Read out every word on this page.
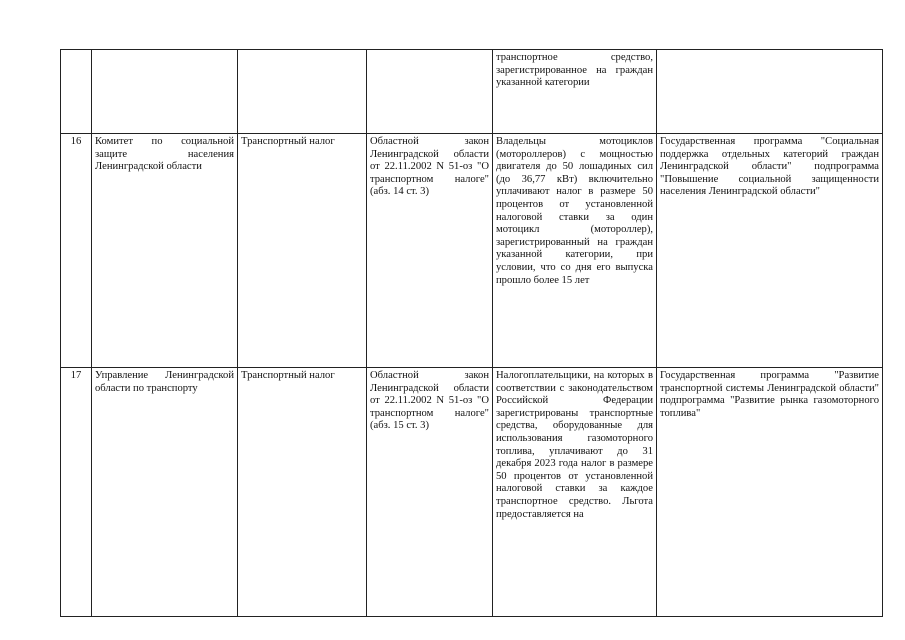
				транспортное средство, зарегистрированное на граждан указанной категории	

16	Комитет по социальной защите населения Ленинградской области	Транспортный налог	Областной закон Ленинградской области от 22.11.2002 N 51-оз "О транспортном налоге" (абз. 14 ст. 3)	Владельцы мотоциклов (мотороллеров) с мощностью двигателя до 50 лошадиных сил (до 36,77 кВт) включительно уплачивают налог в размере 50 процентов от установленной налоговой ставки за один мотоцикл (мотороллер), зарегистрированный на граждан указанной категории, при условии, что со дня его выпуска прошло более 15 лет	Государственная программа "Социальная поддержка отдельных категорий граждан Ленинградской области" подпрограмма "Повышение социальной защищенности населения Ленинградской области"

17	Управление Ленинградской области по транспорту	Транспортный налог	Областной закон Ленинградской области от 22.11.2002 N 51-оз "О транспортном налоге" (абз. 15 ст. 3)	Налогоплательщики, на которых в соответствии с законодательством Российской Федерации зарегистрированы транспортные средства, оборудованные для использования газомоторного топлива, уплачивают до 31 декабря 2023 года налог в размере 50 процентов от установленной налоговой ставки за каждое транспортное средство. Льгота предоставляется на	Государственная программа "Развитие транспортной системы Ленинградской области" подпрограмма "Развитие рынка газомоторного топлива"
